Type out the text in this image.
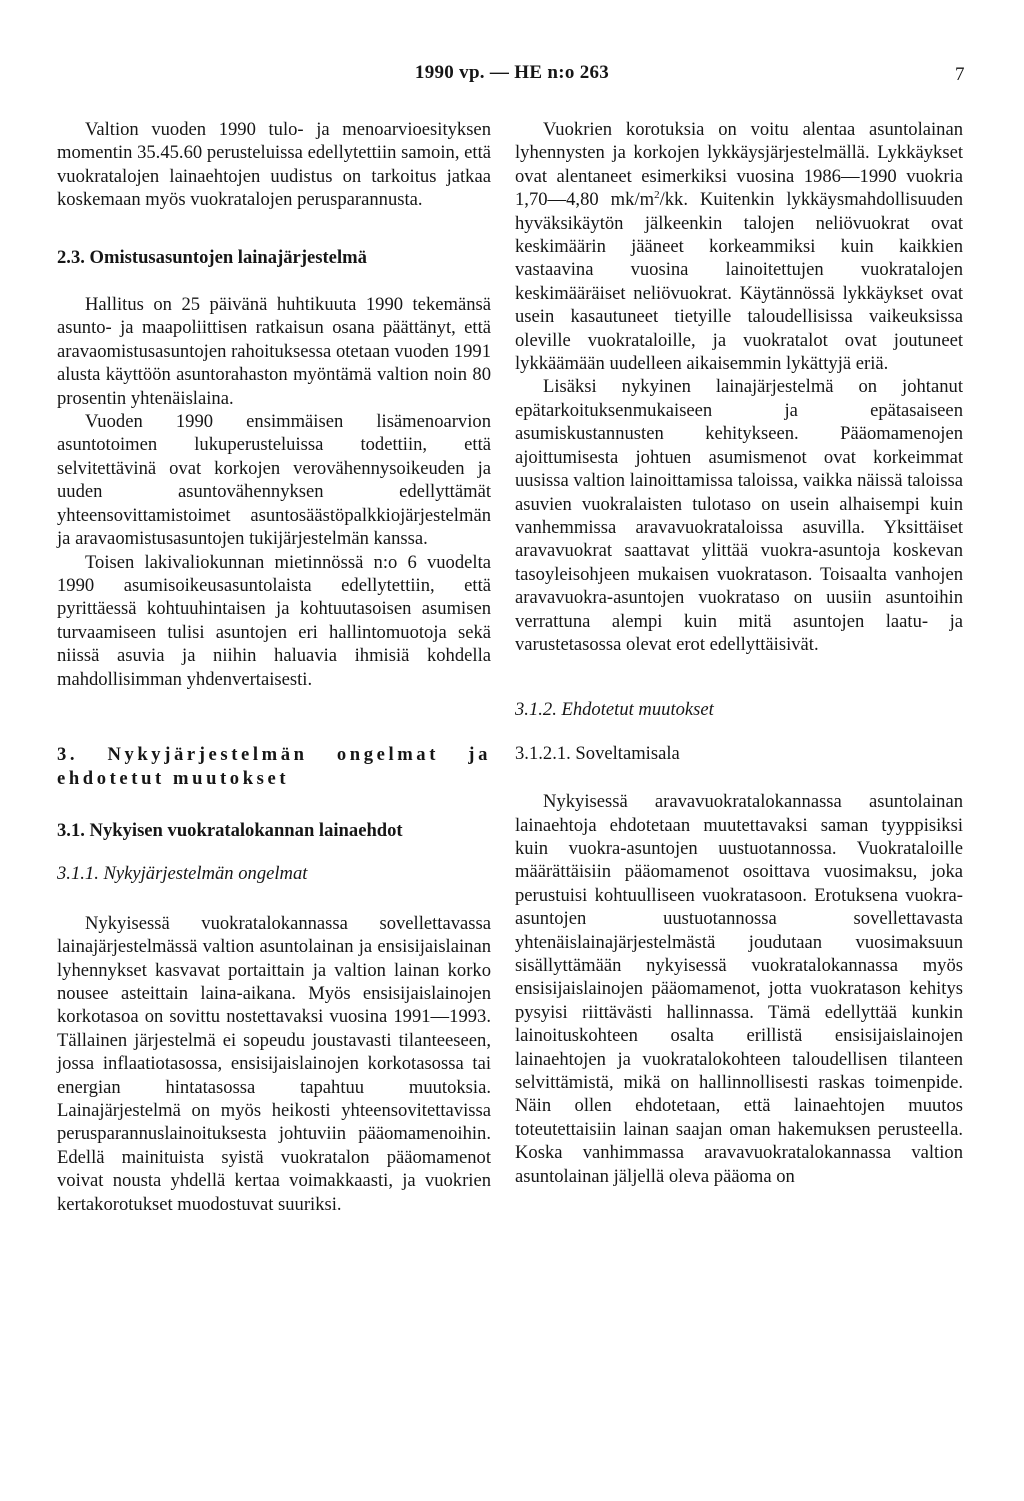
1990 vp. — HE n:o 263	7

Valtion vuoden 1990 tulo- ja menoarvioesityksen momentin 35.45.60 perusteluissa edellytettiin samoin, että vuokratalojen lainaehtojen uudistus on tarkoitus jatkaa koskemaan myös vuokratalojen perusparannusta.

2.3. Omistusasuntojen lainajärjestelmä

Hallitus on 25 päivänä huhtikuuta 1990 tekemänsä asunto- ja maapoliittisen ratkaisun osana päättänyt, että aravaomistusasuntojen rahoituksessa otetaan vuoden 1991 alusta käyttöön asuntorahaston myöntämä valtion noin 80 prosentin yhtenäislaina.

Vuoden 1990 ensimmäisen lisämenoarvion asuntotoimen lukuperusteluissa todettiin, että selvitettävinä ovat korkojen verovähennysoikeuden ja uuden asuntovähennyksen edellyttämät yhteensovittamistoimet asuntosäästöpalkkiojärjestelmän ja aravaomistusasuntojen tukijärjestelmän kanssa.

Toisen lakivaliokunnan mietinnössä n:o 6 vuodelta 1990 asumisoikeusasuntolaista edellytettiin, että pyrittäessä kohtuuhintaisen ja kohtuutasoisen asumisen turvaamiseen tulisi asuntojen eri hallintomuotoja sekä niissä asuvia ja niihin haluavia ihmisiä kohdella mahdollisimman yhdenvertaisesti.

3. Nykyjärjestelmän ongelmat ja ehdotetut muutokset

3.1. Nykyisen vuokratalokannan lainaehdot

3.1.1. Nykyjärjestelmän ongelmat

Nykyisessä vuokratalokannassa sovellettavassa lainajärjestelmässä valtion asuntolainan ja ensisijaislainan lyhennykset kasvavat portaittain ja valtion lainan korko nousee asteittain laina-aikana. Myös ensisijaislainojen korkotasoa on sovittu nostettavaksi vuosina 1991—1993. Tällainen järjestelmä ei sopeudu joustavasti tilanteeseen, jossa inflaatiotasossa, ensisijaislainojen korkotasossa tai energian hintatasossa tapahtuu muutoksia. Lainajärjestelmä on myös heikosti yhteensovitettavissa perusparannuslainoituksesta johtuviin pääomamenoihin. Edellä mainituista syistä vuokratalon pääomamenot voivat nousta yhdellä kertaa voimakkaasti, ja vuokrien kertakorotukset muodostuvat suuriksi.

Vuokrien korotuksia on voitu alentaa asuntolainan lyhennysten ja korkojen lykkäysjärjestelmällä. Lykkäykset ovat alentaneet esimerkiksi vuosina 1986—1990 vuokria 1,70—4,80 $mk/m^2/kk$. Kuitenkin lykkäysmahdollisuuden hyväksikäytön jälkeenkin talojen neliövuokrat ovat keskimäärin jääneet korkeammiksi kuin kaikkien vastaavina vuosina lainoitettujen vuokratalojen keskimääräiset neliövuokrat. Käytännössä lykkäykset ovat usein kasautuneet tietyille taloudellisissa vaikeuksissa oleville vuokrataloille, ja vuokratalot ovat joutuneet lykkäämään uudelleen aikaisemmin lykättyjä eriä.

Lisäksi nykyinen lainajärjestelmä on johtanut epätarkoituksenmukaiseen ja epätasaiseen asumiskustannusten kehitykseen. Pääomamenojen ajoittumisesta johtuen asumismenot ovat korkeimmat uusissa valtion lainoittamissa taloissa, vaikka näissä taloissa asuvien vuokralaisten tulotaso on usein alhaisempi kuin vanhemmissa aravavuokrataloissa asuvilla. Yksittäiset aravavuokrat saattavat ylittää vuokra-asuntoja koskevan tasoyleisohjeen mukaisen vuokratason. Toisaalta vanhojen aravavuokra-asuntojen vuokrataso on uusiin asuntoihin verrattuna alempi kuin mitä asuntojen laatu- ja varustetasossa olevat erot edellyttäisivät.

3.1.2. Ehdotetut muutokset

3.1.2.1. Soveltamisala

Nykyisessä aravavuokratalokannassa asuntolainan lainaehtoja ehdotetaan muutettavaksi saman tyyppisiksi kuin vuokra-asuntojen uustuotannossa. Vuokrataloille määrättäisiin pääomamenot osoittava vuosimaksu, joka perustuisi kohtuulliseen vuokratasoon. Erotuksena vuokra-asuntojen uustuotannossa sovellettavasta yhtenäislainajärjestelmästä joudutaan vuosimaksuun sisällyttämään nykyisessä vuokratalokannassa myös ensisijaislainojen pääomamenot, jotta vuokratason kehitys pysyisi riittävästi hallinnassa. Tämä edellyttää kunkin lainoituskohteen osalta erillistä ensisijaislainojen lainaehtojen ja vuokratalokohteen taloudellisen tilanteen selvittämistä, mikä on hallinnollisesti raskas toimenpide. Näin ollen ehdotetaan, että lainaehtojen muutos toteutettaisiin lainan saajan oman hakemuksen perusteella. Koska vanhimmassa aravavuokratalokannassa valtion asuntolainan jäljellä oleva pääoma on
